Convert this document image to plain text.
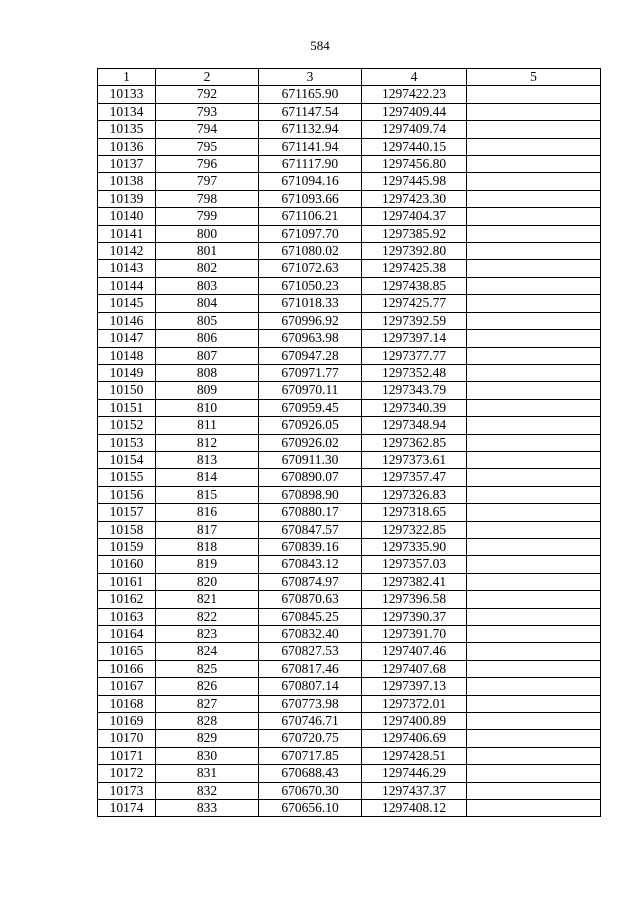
584
1	2	3	4	5
10133	792	671165.90	1297422.23	
10134	793	671147.54	1297409.44	
10135	794	671132.94	1297409.74	
10136	795	671141.94	1297440.15	
10137	796	671117.90	1297456.80	
10138	797	671094.16	1297445.98	
10139	798	671093.66	1297423.30	
10140	799	671106.21	1297404.37	
10141	800	671097.70	1297385.92	
10142	801	671080.02	1297392.80	
10143	802	671072.63	1297425.38	
10144	803	671050.23	1297438.85	
10145	804	671018.33	1297425.77	
10146	805	670996.92	1297392.59	
10147	806	670963.98	1297397.14	
10148	807	670947.28	1297377.77	
10149	808	670971.77	1297352.48	
10150	809	670970.11	1297343.79	
10151	810	670959.45	1297340.39	
10152	811	670926.05	1297348.94	
10153	812	670926.02	1297362.85	
10154	813	670911.30	1297373.61	
10155	814	670890.07	1297357.47	
10156	815	670898.90	1297326.83	
10157	816	670880.17	1297318.65	
10158	817	670847.57	1297322.85	
10159	818	670839.16	1297335.90	
10160	819	670843.12	1297357.03	
10161	820	670874.97	1297382.41	
10162	821	670870.63	1297396.58	
10163	822	670845.25	1297390.37	
10164	823	670832.40	1297391.70	
10165	824	670827.53	1297407.46	
10166	825	670817.46	1297407.68	
10167	826	670807.14	1297397.13	
10168	827	670773.98	1297372.01	
10169	828	670746.71	1297400.89	
10170	829	670720.75	1297406.69	
10171	830	670717.85	1297428.51	
10172	831	670688.43	1297446.29	
10173	832	670670.30	1297437.37	
10174	833	670656.10	1297408.12	
